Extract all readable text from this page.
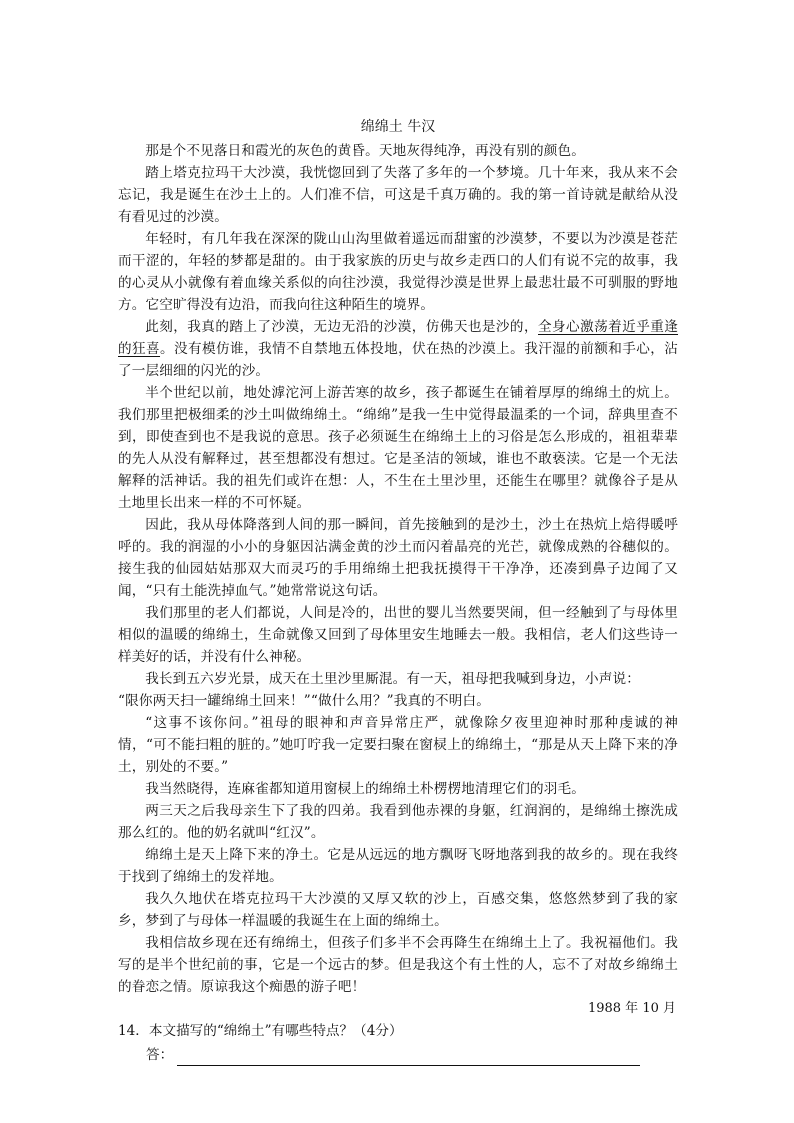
绵绵土 牛汉

那是个不见落日和霞光的灰色的黄昏。天地灰得纯净，再没有别的颜色。

踏上塔克拉玛干大沙漠，我恍惚回到了失落了多年的一个梦境。几十年来，我从来不会忘记，我是诞生在沙土上的。人们准不信，可这是千真万确的。我的第一首诗就是献给从没有看见过的沙漠。

年轻时，有几年我在深深的陇山山沟里做着遥远而甜蜜的沙漠梦，不要以为沙漠是苍茫而干涩的，年轻的梦都是甜的。由于我家族的历史与故乡走西口的人们有说不完的故事，我的心灵从小就像有着血缘关系似的向往沙漠，我觉得沙漠是世界上最悲壮最不可驯服的野地方。它空旷得没有边沿，而我向往这种陌生的境界。

此刻，我真的踏上了沙漠，无边无沿的沙漠，仿佛天也是沙的，全身心激荡着近乎重逢的狂喜。没有模仿谁，我情不自禁地五体投地，伏在热的沙漠上。我汗湿的前额和手心，沾了一层细细的闪光的沙。

半个世纪以前，地处滹沱河上游苦寒的故乡，孩子都诞生在铺着厚厚的绵绵土的炕上。我们那里把极细柔的沙土叫做绵绵土。“绵绵”是我一生中觉得最温柔的一个词，辞典里查不到，即使查到也不是我说的意思。孩子必须诞生在绵绵土上的习俗是怎么形成的，祖祖辈辈的先人从没有解释过，甚至想都没有想过。它是圣洁的领域，谁也不敢亵渎。它是一个无法解释的活神话。我的祖先们或许在想：人，不生在土里沙里，还能生在哪里？就像谷子是从土地里长出来一样的不可怀疑。

因此，我从母体降落到人间的那一瞬间，首先接触到的是沙土，沙土在热炕上焙得暖呼呼的。我的润湿的小小的身躯因沾满金黄的沙土而闪着晶亮的光芒，就像成熟的谷穗似的。接生我的仙园姑姑那双大而灵巧的手用绵绵土把我抚摸得干干净净，还凑到鼻子边闻了又闻，“只有土能洗掉血气。”她常常说这句话。

我们那里的老人们都说，人间是冷的，出世的婴儿当然要哭闹，但一经触到了与母体里相似的温暖的绵绵土，生命就像又回到了母体里安生地睡去一般。我相信，老人们这些诗一样美好的话，并没有什么神秘。

我长到五六岁光景，成天在土里沙里厮混。有一天，祖母把我喊到身边，小声说：

“限你两天扫一罐绵绵土回来！”“做什么用？”我真的不明白。

“这事不该你问。”祖母的眼神和声音异常庄严，就像除夕夜里迎神时那种虔诚的神情，“可不能扫粗的脏的。”她叮咛我一定要扫聚在窗棂上的绵绵土，“那是从天上降下来的净土，别处的不要。”

我当然晓得，连麻雀都知道用窗棂上的绵绵土朴楞楞地清理它们的羽毛。

两三天之后我母亲生下了我的四弟。我看到他赤裸的身躯，红润润的，是绵绵土擦洗成那么红的。他的奶名就叫“红汉”。

绵绵土是天上降下来的净土。它是从远远的地方飘呀飞呀地落到我的故乡的。现在我终于找到了绵绵土的发祥地。

我久久地伏在塔克拉玛干大沙漠的又厚又软的沙上，百感交集，悠悠然梦到了我的家乡，梦到了与母体一样温暖的我诞生在上面的绵绵土。

我相信故乡现在还有绵绵土，但孩子们多半不会再降生在绵绵土上了。我祝福他们。我写的是半个世纪前的事，它是一个远古的梦。但是我这个有土性的人，忘不了对故乡绵绵土的眷恋之情。原谅我这个痴愚的游子吧！

1988 年 10 月

14．本文描写的“绵绵土”有哪些特点？（4分）

答：
